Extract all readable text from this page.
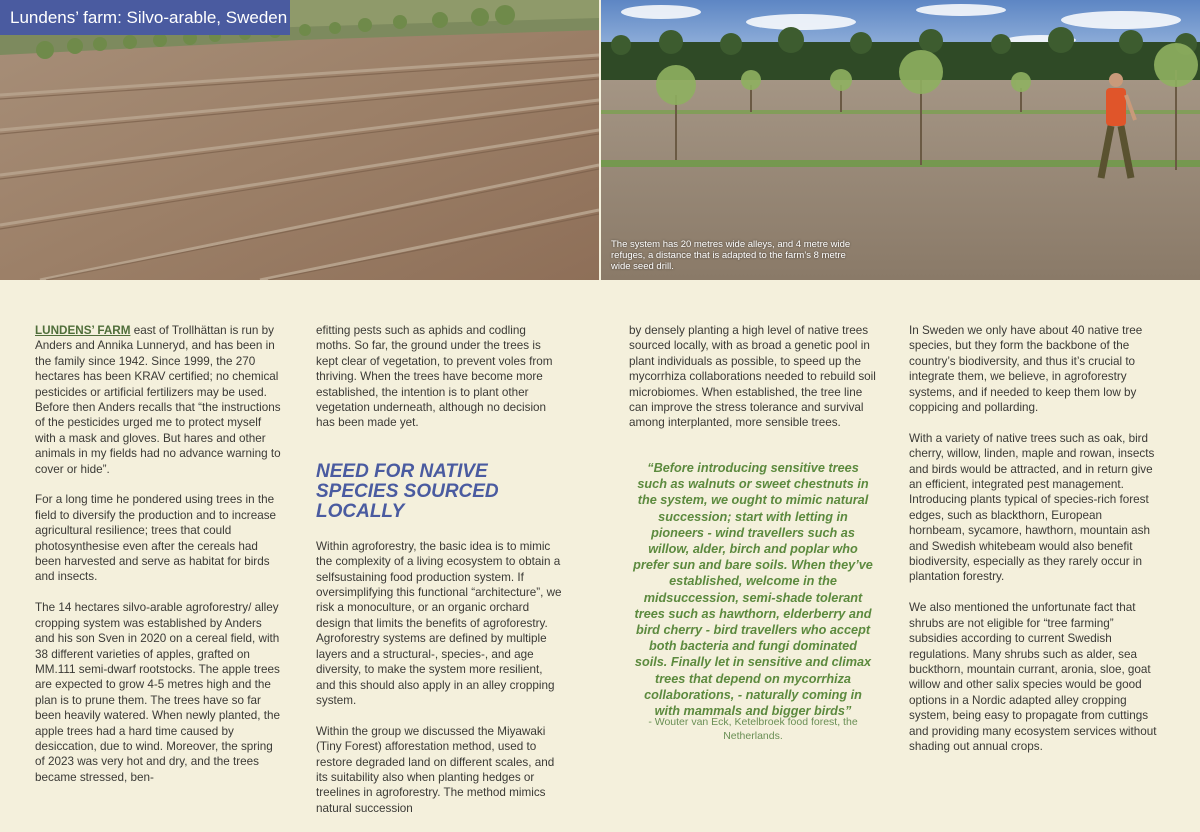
Lundens’ farm: Silvo-arable, Sweden
The system has 20 metres wide alleys, and 4 metre wide refuges, a distance that is adapted to the farm’s 8 metre wide seed drill.

LUNDENS’ FARM east of Trollhättan is run by Anders and Annika Lunneryd, and has been in the family since 1942. Since 1999, the 270 hectares has been KRAV certified; no chemical pesticides or artificial fertilizers may be used. Before then Anders recalls that “the instructions of the pesticides urged me to protect myself with a mask and gloves. But hares and other animals in my fields had no advance warning to cover or hide”.

For a long time he pondered using trees in the field to diversify the production and to increase agricultural resilience; trees that could photosynthesise even after the cereals had been harvested and serve as habitat for birds and insects.

The 14 hectares silvo-arable agroforestry/ alley cropping system was established by Anders and his son Sven in 2020 on a cereal field, with 38 different varieties of apples, grafted on MM.111 semi-dwarf rootstocks. The apple trees are expected to grow 4-5 metres high and the plan is to prune them. The trees have so far been heavily watered. When newly planted, the apple trees had a hard time caused by desiccation, due to wind. Moreover, the spring of 2023 was very hot and dry, and the trees became stressed, ben-

efitting pests such as aphids and codling moths. So far, the ground under the trees is kept clear of vegetation, to prevent voles from thriving. When the trees have become more established, the intention is to plant other vegetation underneath, although no decision has been made yet.

NEED FOR NATIVE SPECIES SOURCED LOCALLY

Within agroforestry, the basic idea is to mimic the complexity of a living ecosystem to obtain a selfsustaining food production system. If oversimplifying this functional “architecture”, we risk a monoculture, or an organic orchard design that limits the benefits of agroforestry. Agroforestry systems are defined by multiple layers and a structural-, species-, and age diversity, to make the system more resilient, and this should also apply in an alley cropping system.

Within the group we discussed the Miyawaki (Tiny Forest) afforestation method, used to restore degraded land on different scales, and its suitability also when planting hedges or treelines in agroforestry. The method mimics natural succession

by densely planting a high level of native trees sourced locally, with as broad a genetic pool in plant individuals as possible, to speed up the mycorrhiza collaborations needed to rebuild soil microbiomes. When established, the tree line can improve the stress tolerance and survival among interplanted, more sensible trees.

“Before introducing sensitive trees such as walnuts or sweet chestnuts in the system, we ought to mimic natural succession; start with letting in pioneers - wind travellers such as willow, alder, birch and poplar who prefer sun and bare soils. When they’ve established, welcome in the midsuccession, semi-shade tolerant trees such as hawthorn, elderberry and bird cherry - bird travellers who accept both bacteria and fungi dominated soils. Finally let in sensitive and climax trees that depend on mycorrhiza collaborations, - naturally coming in with mammals and bigger birds”
- Wouter van Eck, Ketelbroek food forest, the Netherlands.

In Sweden we only have about 40 native tree species, but they form the backbone of the country’s biodiversity, and thus it’s crucial to integrate them, we believe, in agroforestry systems, and if needed to keep them low by coppicing and pollarding.

With a variety of native trees such as oak, bird cherry, willow, linden, maple and rowan, insects and birds would be attracted, and in return give an efficient, integrated pest management. Introducing plants typical of species-rich forest edges, such as blackthorn, European hornbeam, sycamore, hawthorn, mountain ash and Swedish whitebeam would also benefit biodiversity, especially as they rarely occur in plantation forestry.

We also mentioned the unfortunate fact that shrubs are not eligible for “tree farming” subsidies according to current Swedish regulations. Many shrubs such as alder, sea buckthorn, mountain currant, aronia, sloe, goat willow and other salix species would be good options in a Nordic adapted alley cropping system, being easy to propagate from cuttings and providing many ecosystem services without shading out annual crops.
